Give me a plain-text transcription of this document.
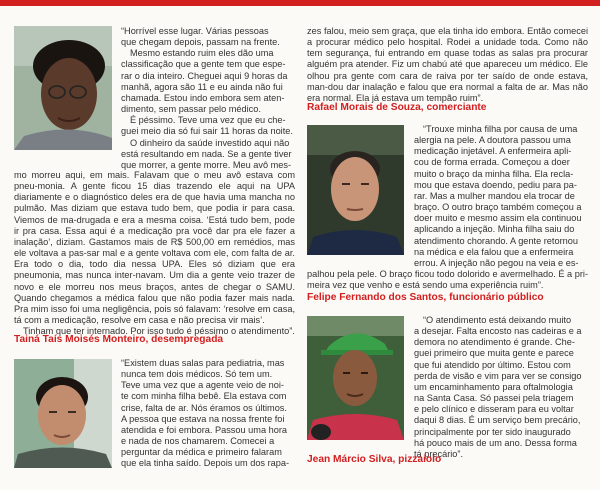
“Horrível esse lugar. Várias pessoas

que chegam depois, passam na frente.

Mesmo estando ruim eles dão uma

classificação que a gente tem que espe-

rar o dia inteiro. Cheguei aqui 9 horas da

manhã, agora são 11 e eu ainda não fui

chamada. Estou indo embora sem aten-

dimento, sem passar pelo médico.

É péssimo. Teve uma vez que eu che-

guei meio dia só fui sair 11 horas da noite.

O dinheiro da saúde investido aqui não

está resultando em nada. Se a gente tiver

que morrer, a gente morre. Meu avô mes-

mo morreu aqui, em mais. Falavam que o meu avô estava com pneu-monia. A gente ficou 15 dias trazendo ele aqui na UPA diariamente e o diagnóstico deles era de que havia uma mancha no pulmão. Mas diziam que estava tudo bem, que podia ir para casa. Viemos de ma-drugada e era a mesma coisa. ‘Está tudo bem, pode ir pra casa. Essa aqui é a medicação pra você dar pra ele fazer a inalação’, diziam. Gastamos mais de R$ 500,00 em remédios, mas ele voltava a pas-sar mal e a gente voltava com ele, com falta de ar. Era todo o dia, todo dia nessa UPA. Eles só diziam que era pneumonia, mas nunca inter-navam. Um dia a gente veio trazer de novo e ele morreu nos meus braços, antes de chegar o SAMU. Quando chegamos a médica falou que não podia fazer mais nada. Pra mim isso foi uma negligência, pois só falavam: ‘resolve em casa, tá com a medicação, resolve em casa e não precisa vir mais’.

Tinham que ter internado. Por isso tudo é péssimo o atendimento”.

Tainá Taís Moisés Monteiro, desempregada

“Existem duas salas para pediatria, mas

nunca tem dois médicos. Só tem um.

Teve uma vez que a agente veio de noi-

te com minha filha bebê. Ela estava com

crise, falta de ar. Nós éramos os últimos.

A pessoa que estava na nossa frente foi

atendida e foi embora. Passou uma hora

e nada de nos chamarem. Comecei a

perguntar da médica e primeiro falaram

que ela tinha saído. Depois um dos rapa-

zes falou, meio sem graça, que ela tinha ido embora. Então comecei a procurar médico pelo hospital. Rodei a unidade toda. Como não tem segurança, fui entrando em quase todas as salas pra procurar alguém pra atender. Fiz um chabú até que apareceu um médico. Ele olhou pra gente com cara de raiva por ter saído de onde estava, man-dou dar inalação e falou que era normal a falta de ar. Mas não era normal. Ela já estava um tempão ruim”.

Rafael Morais de Souza, comerciante

“Trouxe minha filha por causa de uma

alergia na pele. A doutora passou uma

medicação injetável. A enfermeira apli-

cou de forma errada. Começou a doer

muito o braço da minha filha. Ela recla-

mou que estava doendo, pediu para pa-

rar. Mas a mulher mandou ela trocar de

braço. O outro braço também começou a

doer muito e mesmo assim ela continuou

aplicando a injeção. Minha filha saiu do

atendimento chorando. A gente retornou

na médica e ela falou que a enfermeira

errou. A injeção não pegou na veia e es-

palhou pela pele. O braço ficou todo dolorido e avermelhado. É a pri-meira vez que venho e está sendo uma experiência ruim”.

Felipe Fernando dos Santos, funcionário público

“O atendimento está deixando muito

a desejar. Falta encosto nas cadeiras e a

demora no atendimento é grande. Che-

guei primeiro que muita gente e parece

que fui atendido por último. Estou com

perda de visão e vim para ver se consigo

um encaminhamento para oftalmologia

na Santa Casa. Só passei pela triagem

e pelo clínico e disseram para eu voltar

daqui 8 dias. É um serviço bem precário,

principalmente por ter sido inaugurado

há pouco mais de um ano. Dessa forma

tá precário”.

Jean Márcio Silva, pizzaiolo
